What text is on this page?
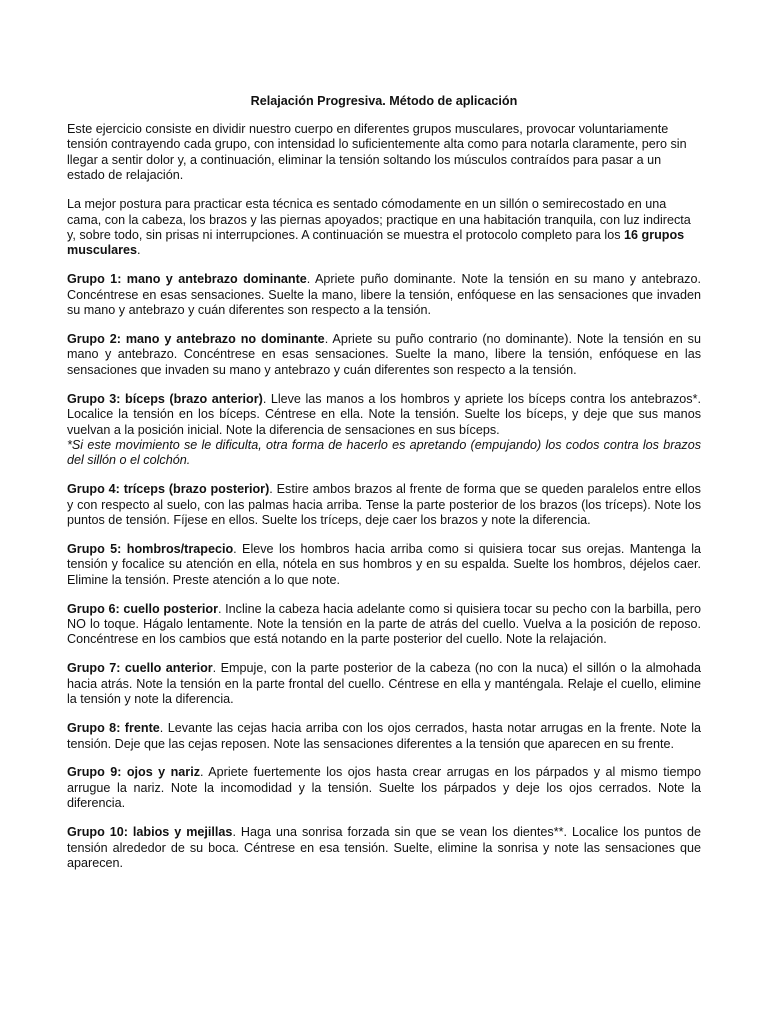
Relajación Progresiva. Método de aplicación

Este ejercicio consiste en dividir nuestro cuerpo en diferentes grupos musculares, provocar voluntariamente tensión contrayendo cada grupo, con intensidad lo suficientemente alta como para notarla claramente, pero sin llegar a sentir dolor y, a continuación, eliminar la tensión soltando los músculos contraídos para pasar a un estado de relajación.

La mejor postura para practicar esta técnica es sentado cómodamente en un sillón o semirecostado en una cama, con la cabeza, los brazos y las piernas apoyados; practique en una habitación tranquila, con luz indirecta y, sobre todo, sin prisas ni interrupciones. A continuación se muestra el protocolo completo para los 16 grupos musculares.

Grupo 1: mano y antebrazo dominante. Apriete puño dominante. Note la tensión en su mano y antebrazo. Concéntrese en esas sensaciones. Suelte la mano, libere la tensión, enfóquese en las sensaciones que invaden su mano y antebrazo y cuán diferentes son respecto a la tensión.

Grupo 2: mano y antebrazo no dominante. Apriete su puño contrario (no dominante). Note la tensión en su mano y antebrazo. Concéntrese en esas sensaciones. Suelte la mano, libere la tensión, enfóquese en las sensaciones que invaden su mano y antebrazo y cuán diferentes son respecto a la tensión.

Grupo 3: bíceps (brazo anterior). Lleve las manos a los hombros y apriete los bíceps contra los antebrazos*. Localice la tensión en los bíceps. Céntrese en ella. Note la tensión. Suelte los bíceps, y deje que sus manos vuelvan a la posición inicial. Note la diferencia de sensaciones en sus bíceps.
*Si este movimiento se le dificulta, otra forma de hacerlo es apretando (empujando) los codos contra los brazos del sillón o el colchón.

Grupo 4: tríceps (brazo posterior). Estire ambos brazos al frente de forma que se queden paralelos entre ellos y con respecto al suelo, con las palmas hacia arriba. Tense la parte posterior de los brazos (los tríceps). Note los puntos de tensión. Fíjese en ellos. Suelte los tríceps, deje caer los brazos y note la diferencia.

Grupo 5: hombros/trapecio. Eleve los hombros hacia arriba como si quisiera tocar sus orejas. Mantenga la tensión y focalice su atención en ella, nótela en sus hombros y en su espalda. Suelte los hombros, déjelos caer. Elimine la tensión. Preste atención a lo que note.

Grupo 6: cuello posterior. Incline la cabeza hacia adelante como si quisiera tocar su pecho con la barbilla, pero NO lo toque. Hágalo lentamente. Note la tensión en la parte de atrás del cuello. Vuelva a la posición de reposo. Concéntrese en los cambios que está notando en la parte posterior del cuello. Note la relajación.

Grupo 7: cuello anterior. Empuje, con la parte posterior de la cabeza (no con la nuca) el sillón o la almohada hacia atrás. Note la tensión en la parte frontal del cuello. Céntrese en ella y manténgala. Relaje el cuello, elimine la tensión y note la diferencia.

Grupo 8: frente. Levante las cejas hacia arriba con los ojos cerrados, hasta notar arrugas en la frente. Note la tensión. Deje que las cejas reposen. Note las sensaciones diferentes a la tensión que aparecen en su frente.

Grupo 9: ojos y nariz. Apriete fuertemente los ojos hasta crear arrugas en los párpados y al mismo tiempo arrugue la nariz. Note la incomodidad y la tensión. Suelte los párpados y deje los ojos cerrados. Note la diferencia.

Grupo 10: labios y mejillas. Haga una sonrisa forzada sin que se vean los dientes**. Localice los puntos de tensión alrededor de su boca. Céntrese en esa tensión. Suelte, elimine la sonrisa y note las sensaciones que aparecen.
